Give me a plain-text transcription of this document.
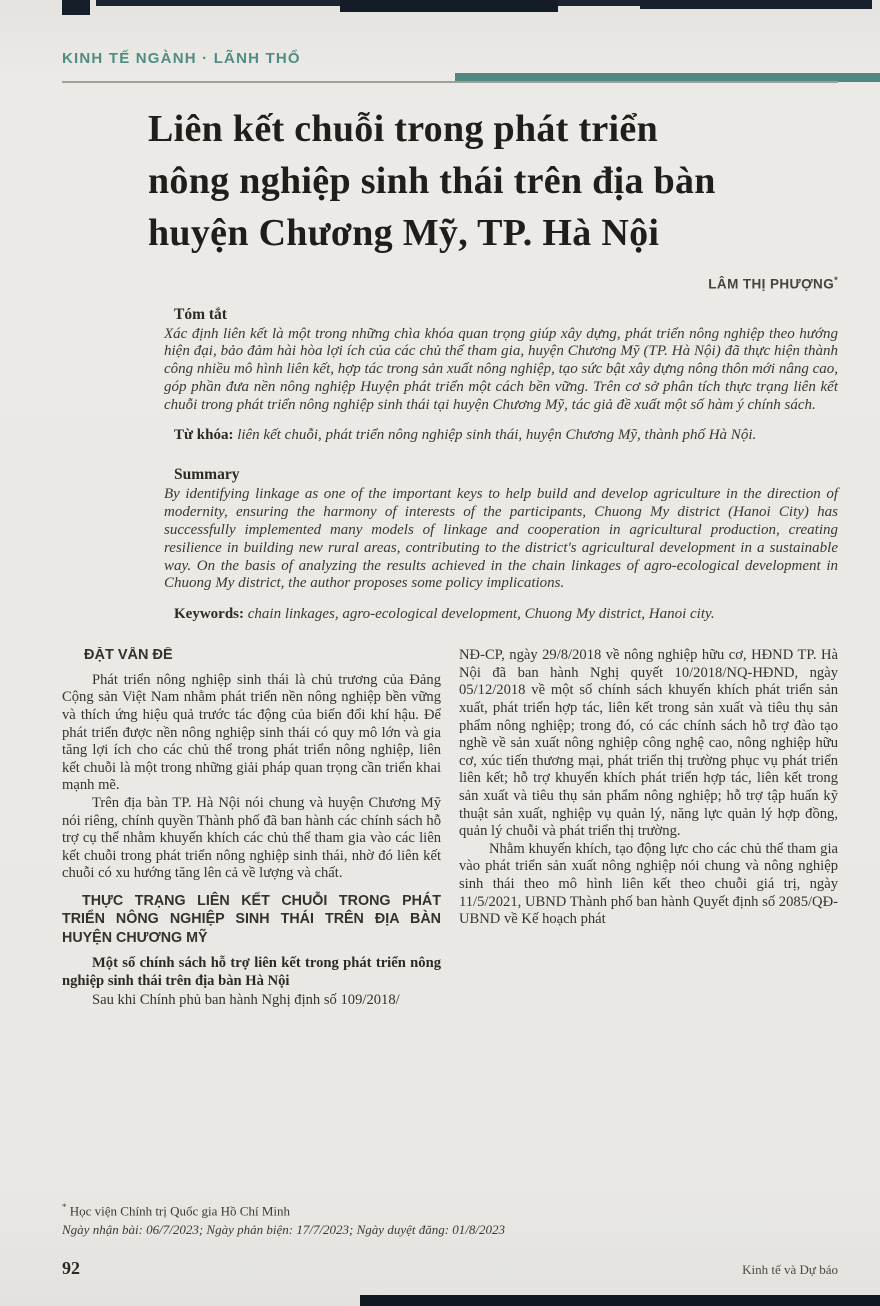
KINH TẾ NGÀNH · LÃNH THỔ
Liên kết chuỗi trong phát triển
nông nghiệp sinh thái trên địa bàn
huyện Chương Mỹ, TP. Hà Nội
LÂM THỊ PHƯỢNG*
Tóm tắt
Xác định liên kết là một trong những chìa khóa quan trọng giúp xây dựng, phát triển nông nghiệp theo hướng hiện đại, bảo đảm hài hòa lợi ích của các chủ thể tham gia, huyện Chương Mỹ (TP. Hà Nội) đã thực hiện thành công nhiều mô hình liên kết, hợp tác trong sản xuất nông nghiệp, tạo sức bật xây dựng nông thôn mới nâng cao, góp phần đưa nền nông nghiệp Huyện phát triển một cách bền vững. Trên cơ sở phân tích thực trạng liên kết chuỗi trong phát triển nông nghiệp sinh thái tại huyện Chương Mỹ, tác giả đề xuất một số hàm ý chính sách.
Từ khóa: liên kết chuỗi, phát triển nông nghiệp sinh thái, huyện Chương Mỹ, thành phố Hà Nội.
Summary
By identifying linkage as one of the important keys to help build and develop agriculture in the direction of modernity, ensuring the harmony of interests of the participants, Chuong My district (Hanoi City) has successfully implemented many models of linkage and cooperation in agricultural production, creating resilience in building new rural areas, contributing to the district's agricultural development in a sustainable way. On the basis of analyzing the results achieved in the chain linkages of agro-ecological development in Chuong My district, the author proposes some policy implications.
Keywords: chain linkages, agro-ecological development, Chuong My district, Hanoi city.
ĐẶT VẤN ĐỀ

Phát triển nông nghiệp sinh thái là chủ trương của Đảng Cộng sản Việt Nam nhằm phát triển nền nông nghiệp bền vững và thích ứng hiệu quả trước tác động của biến đổi khí hậu. Để phát triển được nền nông nghiệp sinh thái có quy mô lớn và gia tăng lợi ích cho các chủ thể trong phát triển nông nghiệp, liên kết chuỗi là một trong những giải pháp quan trọng cần triển khai mạnh mẽ.

Trên địa bàn TP. Hà Nội nói chung và huyện Chương Mỹ nói riêng, chính quyền Thành phố đã ban hành các chính sách hỗ trợ cụ thể nhằm khuyến khích các chủ thể tham gia vào các liên kết chuỗi trong phát triển nông nghiệp sinh thái, nhờ đó liên kết chuỗi có xu hướng tăng lên cả về lượng và chất.

THỰC TRẠNG LIÊN KẾT CHUỖI TRONG PHÁT TRIỂN NÔNG NGHIỆP SINH THÁI TRÊN ĐỊA BÀN HUYỆN CHƯƠNG MỸ
Một số chính sách hỗ trợ liên kết trong phát triển nông nghiệp sinh thái trên địa bàn Hà Nội

Sau khi Chính phủ ban hành Nghị định số 109/2018/

NĐ-CP, ngày 29/8/2018 về nông nghiệp hữu cơ, HĐND TP. Hà Nội đã ban hành Nghị quyết 10/2018/NQ-HĐND, ngày 05/12/2018 về một số chính sách khuyến khích phát triển sản xuất, phát triển hợp tác, liên kết trong sản xuất và tiêu thụ sản phẩm nông nghiệp; trong đó, có các chính sách hỗ trợ đào tạo nghề về sản xuất nông nghiệp công nghệ cao, nông nghiệp hữu cơ, xúc tiến thương mại, phát triển thị trường phục vụ phát triển liên kết; hỗ trợ khuyến khích phát triển hợp tác, liên kết trong sản xuất và tiêu thụ sản phẩm nông nghiệp; hỗ trợ tập huấn kỹ thuật sản xuất, nghiệp vụ quản lý, năng lực quản lý hợp đồng, quản lý chuỗi và phát triển thị trường.

Nhằm khuyến khích, tạo động lực cho các chủ thể tham gia vào phát triển sản xuất nông nghiệp nói chung và nông nghiệp sinh thái theo mô hình liên kết theo chuỗi giá trị, ngày 11/5/2021, UBND Thành phố ban hành Quyết định số 2085/QĐ-UBND về Kế hoạch phát

* Học viện Chính trị Quốc gia Hồ Chí Minh
Ngày nhận bài: 06/7/2023; Ngày phản biện: 17/7/2023; Ngày duyệt đăng: 01/8/2023
92	Kinh tế và Dự báo
